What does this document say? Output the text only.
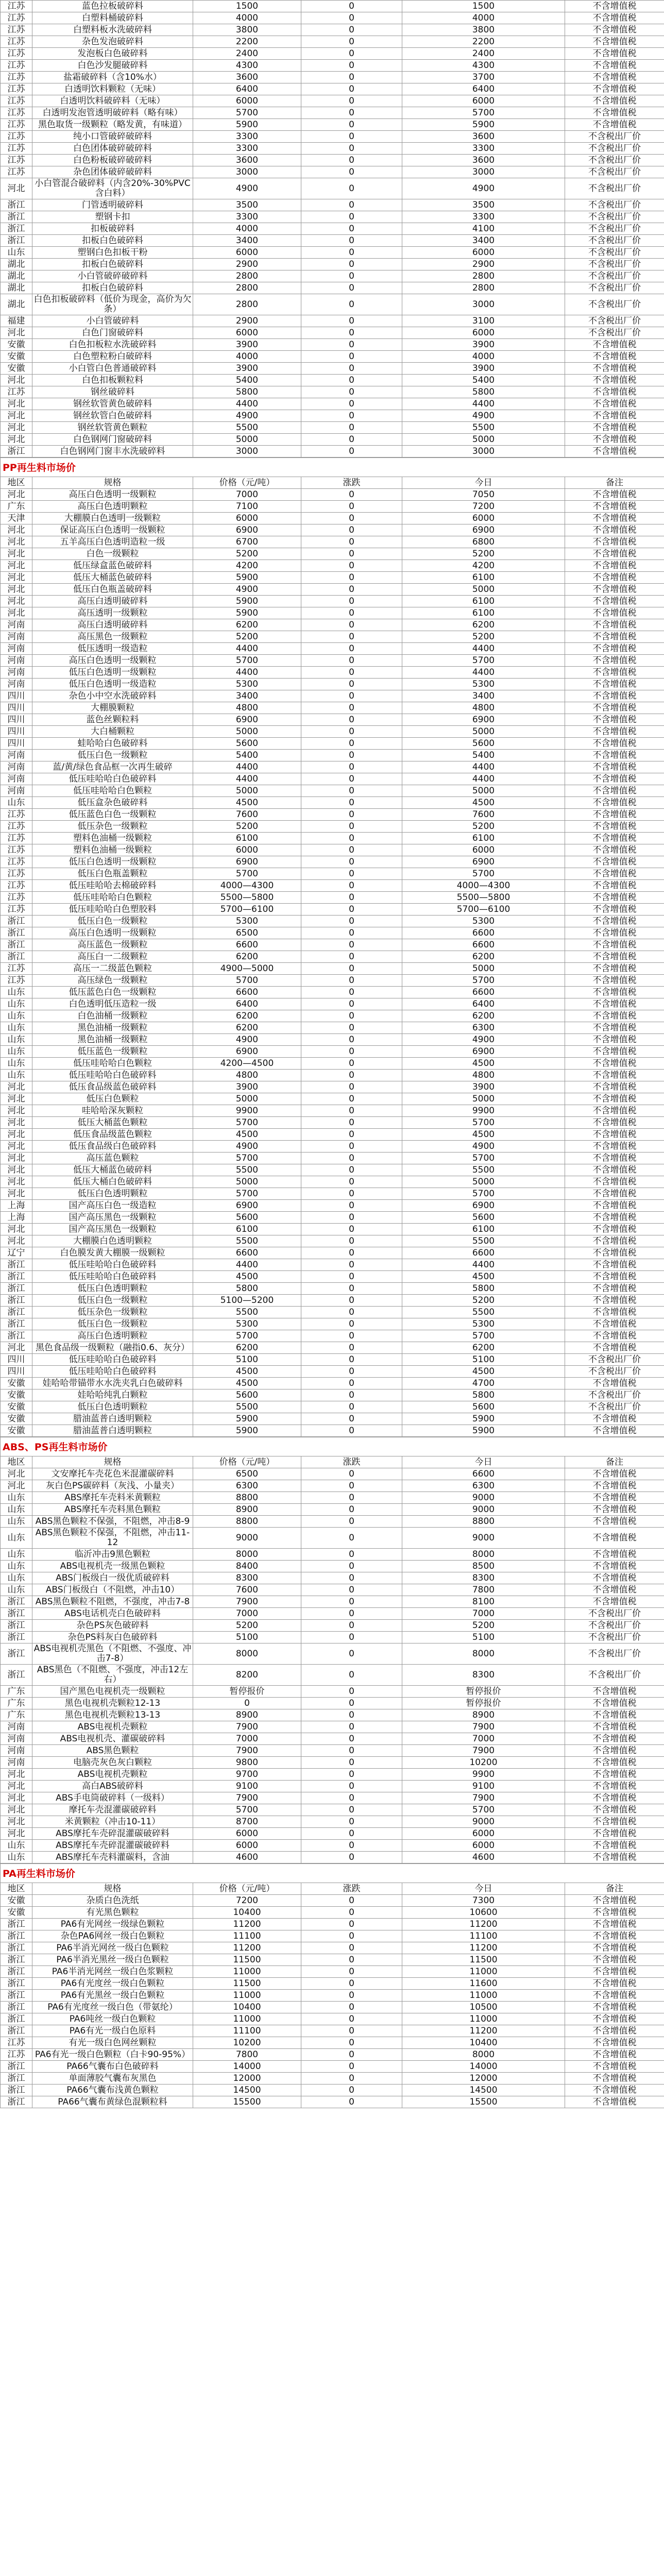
江苏	蓝色拉板破碎料	1500	0	1500	不含增值税
江苏	白塑料桶破碎料	4000	0	4000	不含增值税
江苏	白塑料板水洗破碎料	3800	0	3800	不含增值税
江苏	杂色发泡破碎料	2200	0	2200	不含增值税
江苏	发泡板白色破碎料	2400	0	2400	不含增值税
江苏	白色沙发腿破碎料	4300	0	4300	不含增值税
江苏	盐霜破碎料（含10%水）	3600	0	3700	不含增值税
江苏	白透明饮料颗粒（无味）	6400	0	6400	不含增值税
江苏	白透明饮料破碎料（无味）	6000	0	6000	不含增值税
江苏	白透明发泡管透明破碎料（略有味）	5700	0	5700	不含增值税
江苏	黑色取货一级颗粒（略发黄，有味道）	5900	0	5900	不含增值税
江苏	纯小口管破碎破碎料	3300	0	3600	不含税出厂价
江苏	白色团体破碎破碎料	3300	0	3300	不含税出厂价
江苏	白色粉板破碎破碎料	3600	0	3600	不含税出厂价
江苏	杂色团体破碎破碎料	3000	0	3000	不含税出厂价
河北	小白管混合破碎料（内含20%-30%PVC含白料）	4900	0	4900	不含税出厂价
浙江	门管透明破碎料	3500	0	3500	不含税出厂价
浙江	塑钢卡扣	3300	0	3300	不含税出厂价
浙江	扣板破碎料	4000	0	4100	不含税出厂价
浙江	扣板白色破碎料	3400	0	3400	不含税出厂价
山东	塑钢白色扣板干粉	6000	0	6000	不含税出厂价
湖北	扣板白色破碎料	2900	0	2900	不含税出厂价
湖北	小白管破碎破碎料	2800	0	2800	不含税出厂价
湖北	扣板白色破碎料	2800	0	2800	不含税出厂价
湖北	白色扣板破碎料（低价为现金，高价为欠条）	2800	0	3000	不含税出厂价
福建	小白管破碎料	2900	0	3100	不含税出厂价
河北	白色门窗破碎料	6000	0	6000	不含税出厂价
安徽	白色扣板粒水洗破碎料	3900	0	3900	不含增值税
安徽	白色塑粒粉白破碎料	4000	0	4000	不含增值税
安徽	小白管白色普通破碎料	3900	0	3900	不含增值税
河北	白色扣板颗粒料	5400	0	5400	不含增值税
江苏	钢丝破碎料	5800	0	5800	不含增值税
河北	钢丝软管黄色破碎料	4400	0	4400	不含增值税
河北	钢丝软管白色破碎料	4900	0	4900	不含增值税
河北	钢丝软管黄色颗粒	5500	0	5500	不含增值税
河北	白色钢网门窗破碎料	5000	0	5000	不含增值税
浙江	白色钢网门窗丰水洗破碎料	3000	0	3000	不含增值税
PP再生料市场价					
地区	规格	价格（元/吨）	涨跌	今日	备注
河北	高压白色透明一级颗粒	7000	0	7050	不含增值税
广东	高压白色透明颗粒	7100	0	7200	不含增值税
天津	大棚膜白色透明一级颗粒	6000	0	6000	不含增值税
河北	保证高压白色透明一级颗粒	6900	0	6900	不含增值税
河北	五羊高压白色透明造粒一级	6700	0	6800	不含增值税
河北	白色一级颗粒	5200	0	5200	不含增值税
河北	低压绿盒蓝色破碎料	4200	0	4200	不含增值税
河北	低压大桶蓝色破碎料	5900	0	6100	不含增值税
河北	低压白色瓶盖破碎料	4900	0	5000	不含增值税
河北	高压白透明破碎料	5900	0	6100	不含增值税
河北	高压透明一级颗粒	5900	0	6100	不含增值税
河南	高压白透明破碎料	6200	0	6200	不含增值税
河南	高压黑色一级颗粒	5200	0	5200	不含增值税
河南	低压透明一级造粒	4400	0	4400	不含增值税
河南	高压白色透明一级颗粒	5700	0	5700	不含增值税
河南	低压白色透明一级颗粒	4400	0	4400	不含增值税
河南	低压白色透明一级造粒	5300	0	5300	不含增值税
四川	杂色小中空水洗破碎料	3400	0	3400	不含增值税
四川	大棚膜颗粒	4800	0	4800	不含增值税
四川	蓝色丝颗粒料	6900	0	6900	不含增值税
四川	大白桶颗粒	5000	0	5000	不含增值税
四川	蛙哈哈白色破碎料	5600	0	5600	不含增值税
河南	低压白色一级颗粒	5400	0	5400	不含增值税
河南	蓝/黄/绿色食品框一次再生破碎	4400	0	4400	不含增值税
河南	低压哇哈哈白色破碎料	4400	0	4400	不含增值税
河南	低压哇哈哈白色颗粒	5000	0	5000	不含增值税
山东	低压盒杂色破碎料	4500	0	4500	不含增值税
江苏	低压蓝色白色一级颗粒	7600	0	7600	不含增值税
江苏	低压杂色一级颗粒	5200	0	5200	不含增值税
江苏	塑料色油桶一级颗粒	6100	0	6100	不含增值税
江苏	塑料色油桶一级颗粒	6000	0	6000	不含增值税
江苏	低压白色透明一级颗粒	6900	0	6900	不含增值税
江苏	低压白色瓶盖颗粒	5700	0	5700	不含增值税
江苏	低压哇哈哈去棉破碎料	4000—4300	0	4000—4300	不含增值税
江苏	低压哇哈哈白色颗粒	5500—5800	0	5500—5800	不含增值税
江苏	低压哇哈哈白色塑胶料	5700—6100	0	5700—6100	不含增值税
浙江	低压白色一级颗粒	5300	0	5300	不含增值税
浙江	高压白色透明一级颗粒	6500	0	6600	不含增值税
浙江	高压蓝色一级颗粒	6600	0	6600	不含增值税
浙江	高压白一二级颗粒	6200	0	6200	不含增值税
江苏	高压一二级蓝色颗粒	4900—5000	0	5000	不含增值税
江苏	高压绿色一级颗粒	5700	0	5700	不含增值税
山东	低压蓝色白色一级颗粒	6600	0	6600	不含增值税
山东	白色透明低压造粒一级	6400	0	6400	不含增值税
山东	白色油桶一级颗粒	6200	0	6200	不含增值税
山东	黑色油桶一级颗粒	6200	0	6300	不含增值税
山东	黑色油桶一级颗粒	4900	0	4900	不含增值税
山东	低压蓝色一级颗粒	6900	0	6900	不含增值税
山东	低压哇哈哈白色颗粒	4200—4500	0	4500	不含增值税
山东	低压哇哈哈白色破碎料	4800	0	4800	不含增值税
河北	低压食品级蓝色破碎料	3900	0	3900	不含增值税
河北	低压白色颗粒	5000	0	5000	不含增值税
河北	哇哈哈深灰颗粒	9900	0	9900	不含增值税
河北	低压大桶蓝色颗粒	5700	0	5700	不含增值税
河北	低压食品级蓝色颗粒	4500	0	4500	不含增值税
河北	低压食品级白色破碎料	4900	0	4900	不含增值税
河北	高压蓝色颗粒	5700	0	5700	不含增值税
河北	低压大桶蓝色破碎料	5500	0	5500	不含增值税
河北	低压大桶白色破碎料	5000	0	5000	不含增值税
河北	低压白色透明颗粒	5700	0	5700	不含增值税
上海	国产高压白色一级造粒	6900	0	6900	不含增值税
上海	国产高压黑色一级颗粒	5600	0	5600	不含增值税
河北	国产高压黑色一级颗粒	6100	0	6100	不含增值税
河北	大棚膜白色透明颗粒	5500	0	5500	不含增值税
辽宁	白色膜发黄大棚膜一级颗粒	6600	0	6600	不含增值税
浙江	低压哇哈哈白色破碎料	4400	0	4400	不含增值税
浙江	低压哇哈哈白色破碎料	4500	0	4500	不含增值税
浙江	低压白色透明颗粒	5800	0	5800	不含增值税
浙江	低压白色一级颗粒	5100—5200	0	5200	不含增值税
浙江	低压杂色一级颗粒	5500	0	5500	不含增值税
浙江	低压白色一级颗粒	5300	0	5300	不含增值税
浙江	高压白色透明颗粒	5700	0	5700	不含增值税
河北	黑色食品级一级颗粒（融指0.6、灰分）	6200	0	6200	不含增值税
四川	低压哇哈哈白色破碎料	5100	0	5100	不含税出厂价
四川	低压哇哈哈白色破碎料	4500	0	4500	不含税出厂价
安徽	娃哈哈带锚带水水洗夹乳白色破碎料	4500	0	4700	不含增值税
安徽	娃哈哈纯乳白颗粒	5600	0	5800	不含税出厂价
安徽	低压白色透明颗粒	5500	0	5600	不含税出厂价
安徽	腊油蓝普白透明颗粒	5900	0	5900	不含增值税
安徽	腊油蓝普白透明颗粒	5900	0	5900	不含增值税
ABS、PS再生料市场价					
地区	规格	价格（元/吨）	涨跌	今日	备注
河北	文安摩托车壳花色米混灌碳碎料	6500	0	6600	不含增值税
河北	灰白色PS碳碎料（灰浅、小量夹）	6300	0	6300	不含增值税
山东	ABS摩托车壳料米黄颗粒	8800	0	9000	不含增值税
山东	ABS摩托车壳料黑色颗粒	8900	0	9000	不含增值税
山东	ABS黑色颗粒不保强，不阻燃，冲击8-9	8800	0	8800	不含增值税
山东	ABS黑色颗粒不保强，不阻燃，冲击11-12	9000	0	9000	不含增值税
山东	临沂冲击9黑色颗粒	8000	0	8000	不含增值税
山东	ABS电视机壳一级黑色颗粒	8400	0	8500	不含增值税
山东	ABS门板级白一级优质破碎料	8300	0	8300	不含增值税
山东	ABS门板级白（不阻燃，冲击10）	7600	0	7800	不含增值税
浙江	ABS黑色颗粒不阻燃，不强度，冲击7-8	7900	0	8100	不含增值税
浙江	ABS电话机壳白色破碎料	7000	0	7000	不含税出厂价
浙江	杂色PS灰色破碎料	5200	0	5200	不含税出厂价
浙江	杂色PS料灰白色破碎料	5100	0	5100	不含税出厂价
浙江	ABS电视机壳黑色（不阻燃、不强度、冲击7-8）	8000	0	8000	不含税出厂价
浙江	ABS黑色（不阻燃、不强度，冲击12左右）	8200	0	8300	不含税出厂价
广东	国产黑色电视机壳一级颗粒	暂停报价	0	暂停报价	不含增值税
广东	黑色电视机壳颗粒12-13	0	0	暂停报价	不含增值税
广东	黑色电视机壳颗粒13-13	8900	0	8900	不含增值税
河南	ABS电视机壳颗粒	7900	0	7900	不含增值税
河南	ABS电视机壳、灌碳破碎料	7000	0	7000	不含增值税
河南	ABS黑色颗粒	7900	0	7900	不含增值税
河南	电脑壳灰色灰白颗粒	9800	0	10200	不含增值税
河北	ABS电视机壳颗粒	9700	0	9900	不含增值税
河北	高白ABS破碎料	9100	0	9100	不含增值税
河北	ABS手电筒破碎料（一级料）	7900	0	7900	不含增值税
河北	摩托车壳混灌碳破碎料	5700	0	5700	不含增值税
河北	米黄颗粒（冲击10-11）	8700	0	9000	不含增值税
河北	ABS摩托车壳碎混灌碳破碎料	6000	0	6000	不含增值税
山东	ABS摩托车壳碎混灌碳破碎料	6000	0	6000	不含增值税
山东	ABS摩托车壳料灌碳料，含油	4600	0	4600	不含增值税
PA再生料市场价					
地区	规格	价格（元/吨）	涨跌	今日	备注
安徽	杂质白色洗纸	7200	0	7300	不含增值税
安徽	有光黑色颗粒	10400	0	10600	不含增值税
浙江	PA6有光网丝一级绿色颗粒	11200	0	11200	不含增值税
浙江	杂色PA6网丝一级白色颗粒	11100	0	11100	不含增值税
浙江	PA6半消光网丝一级白色颗粒	11200	0	11200	不含增值税
浙江	PA6半消光黑丝一级白色颗粒	11500	0	11500	不含增值税
浙江	PA6半消光网丝一级白色浆颗粒	11000	0	11000	不含增值税
浙江	PA6有光度丝一级白色颗粒	11500	0	11600	不含增值税
浙江	PA6有光黑丝一级白色颗粒	11000	0	11000	不含增值税
浙江	PA6有光度丝一级白色（带氨纶）	10400	0	10500	不含增值税
浙江	PA6吨丝一级白色颗粒	11000	0	11000	不含增值税
浙江	PA6有光一级白色原料	11100	0	11200	不含增值税
江苏	有光一级白色网丝颗粒	10200	0	10400	不含增值税
江苏	PA6有光一级白色颗粒（白卡90-95%）	7800	0	8000	不含增值税
浙江	PA66气囊布白色破碎料	14000	0	14000	不含增值税
浙江	单面薄胶气囊布灰黑色	12000	0	12000	不含增值税
浙江	PA66气囊布浅黄色颗粒	14500	0	14500	不含增值税
浙江	PA66气囊布黄绿色混颗粒料	15500	0	15500	不含增值税
